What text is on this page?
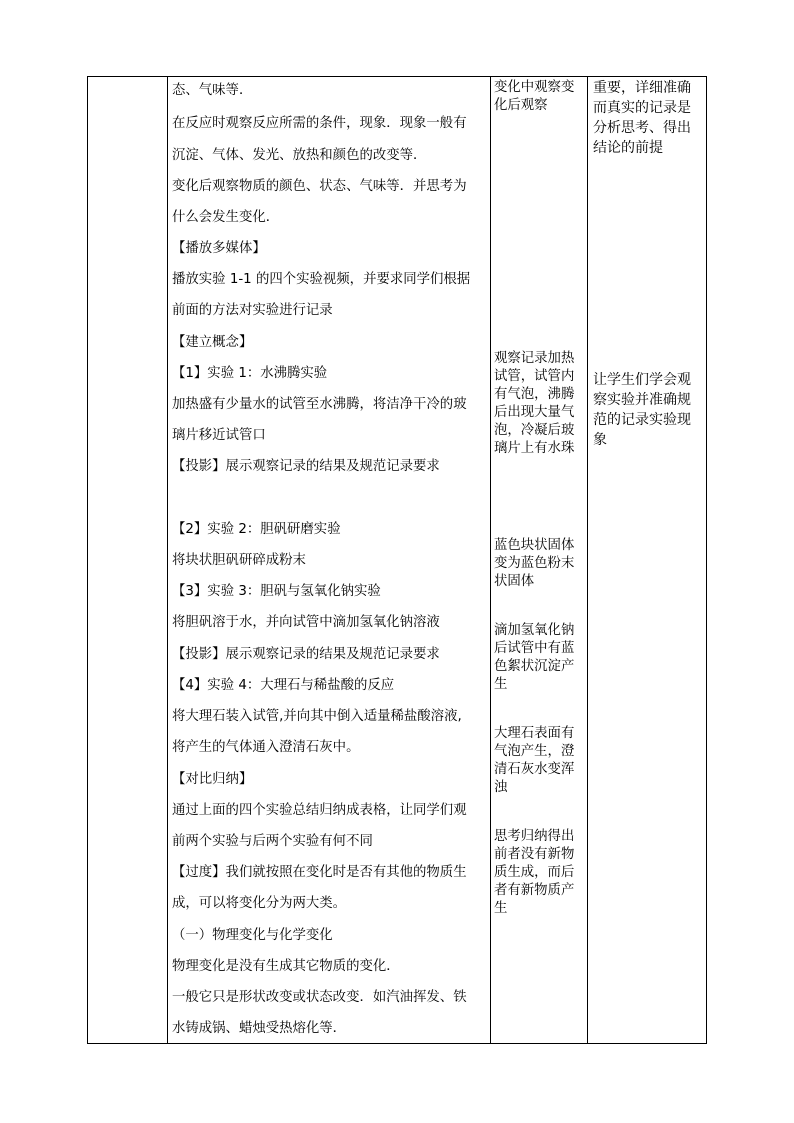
态、气味等．
在反应时观察反应所需的条件，现象．现象一般有
沉淀、气体、发光、放热和颜色的改变等．
变化后观察物质的颜色、状态、气味等．并思考为
什么会发生变化．
【播放多媒体】
播放实验 1-1 的四个实验视频，并要求同学们根据
前面的方法对实验进行记录
【建立概念】
【1】实验 1：水沸腾实验
加热盛有少量水的试管至水沸腾，将洁净干冷的玻
璃片移近试管口
【投影】展示观察记录的结果及规范记录要求
【2】实验 2：胆矾研磨实验
将块状胆矾研碎成粉末
【3】实验 3：胆矾与氢氧化钠实验
将胆矾溶于水，并向试管中滴加氢氧化钠溶液
【投影】展示观察记录的结果及规范记录要求
【4】实验 4：大理石与稀盐酸的反应
将大理石装入试管,并向其中倒入适量稀盐酸溶液,
将产生的气体通入澄清石灰中。
【对比归纳】
通过上面的四个实验总结归纳成表格，让同学们观
前两个实验与后两个实验有何不同
【过度】我们就按照在变化时是否有其他的物质生
成，可以将变化分为两大类。
（一）物理变化与化学变化
物理变化是没有生成其它物质的变化．
一般它只是形状改变或状态改变．如汽油挥发、铁
水铸成锅、蜡烛受热熔化等．
变化中观察变化后观察
观察记录加热试管，试管内有气泡，沸腾后出现大量气泡，冷凝后玻璃片上有水珠
蓝色块状固体变为蓝色粉末状固体
滴加氢氧化钠后试管中有蓝色絮状沉淀产生
大理石表面有气泡产生，澄清石灰水变浑浊
思考归纳得出前者没有新物质生成，而后者有新物质产生
重要，详细准确而真实的记录是分析思考、得出结论的前提
让学生们学会观察实验并准确规范的记录实验现象
